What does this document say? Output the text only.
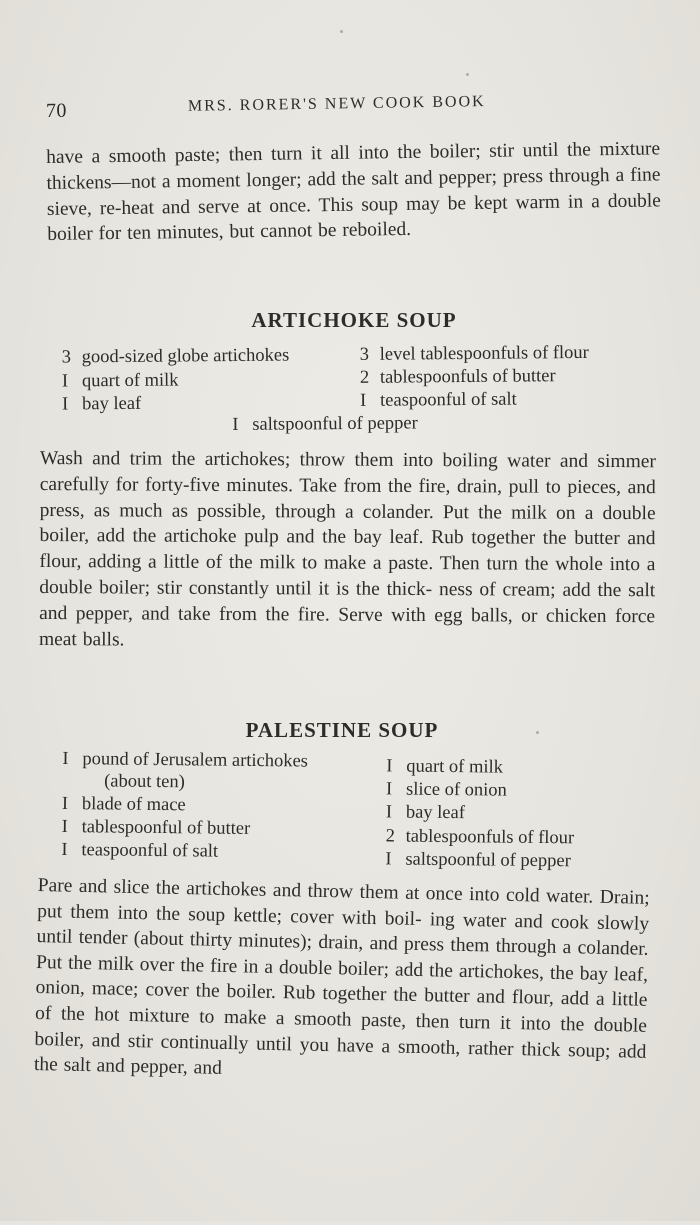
70	MRS. RORER'S NEW COOK BOOK

have a smooth paste; then turn it all into the boiler; stir until the mixture thickens—not a moment longer; add the salt and pepper; press through a fine sieve, re-heat and serve at once. This soup may be kept warm in a double boiler for ten minutes, but cannot be reboiled.

ARTICHOKE SOUP
3 good-sized globe artichokes
I quart of milk
I bay leaf
3 level tablespoonfuls of flour
2 tablespoonfuls of butter
I teaspoonful of salt
I saltspoonful of pepper

Wash and trim the artichokes; throw them into boiling water and simmer carefully for forty-five minutes. Take from the fire, drain, pull to pieces, and press, as much as possible, through a colander. Put the milk on a double boiler, add the artichoke pulp and the bay leaf. Rub together the butter and flour, adding a little of the milk to make a paste. Then turn the whole into a double boiler; stir constantly until it is the thick- ness of cream; add the salt and pepper, and take from the fire. Serve with egg balls, or chicken force meat balls.

PALESTINE SOUP
I pound of Jerusalem artichokes
(about ten)
I blade of mace
I tablespoonful of butter
I teaspoonful of salt
I quart of milk
I slice of onion
I bay leaf
2 tablespoonfuls of flour
I saltspoonful of pepper

Pare and slice the artichokes and throw them at once into cold water. Drain; put them into the soup kettle; cover with boil- ing water and cook slowly until tender (about thirty minutes); drain, and press them through a colander. Put the milk over the fire in a double boiler; add the artichokes, the bay leaf, onion, mace; cover the boiler. Rub together the butter and flour, add a little of the hot mixture to make a smooth paste, then turn it into the double boiler, and stir continually until you have a smooth, rather thick soup; add the salt and pepper, and
